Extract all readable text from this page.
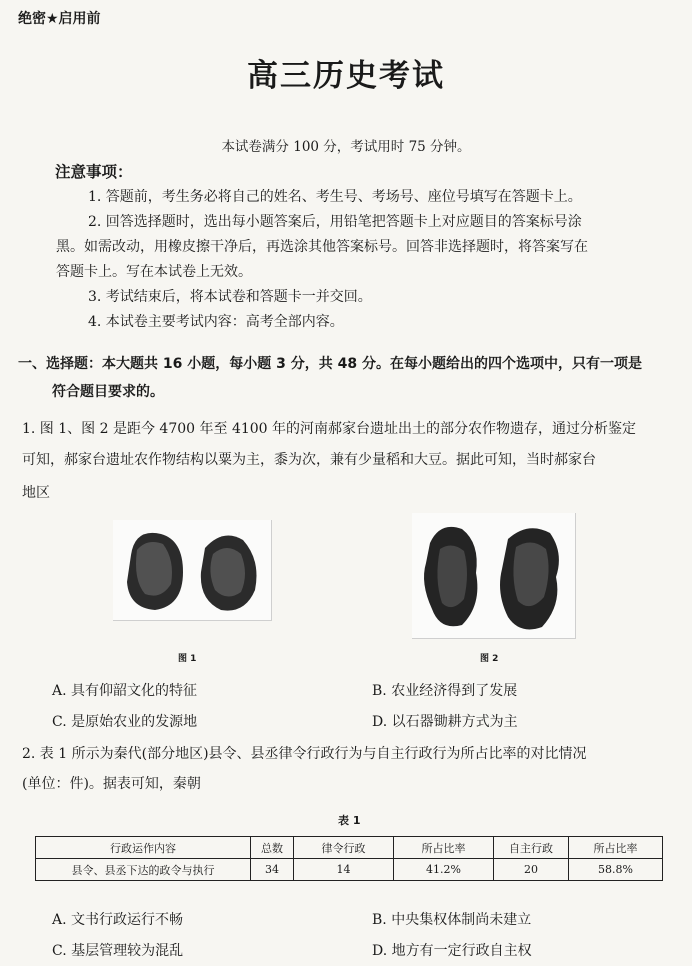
绝密★启用前
高三历史考试
本试卷满分 100 分，考试用时 75 分钟。
注意事项：
1. 答题前，考生务必将自己的姓名、考生号、考场号、座位号填写在答题卡上。
2. 回答选择题时，选出每小题答案后，用铅笔把答题卡上对应题目的答案标号涂
黑。如需改动，用橡皮擦干净后，再选涂其他答案标号。回答非选择题时，将答案写在
答题卡上。写在本试卷上无效。
3. 考试结束后，将本试卷和答题卡一并交回。
4. 本试卷主要考试内容：高考全部内容。
一、选择题：本大题共 16 小题，每小题 3 分，共 48 分。在每小题给出的四个选项中，只有一项是
符合题目要求的。
1. 图 1、图 2 是距今 4700 年至 4100 年的河南郝家台遗址出土的部分农作物遗存，通过分析鉴定
可知，郝家台遗址农作物结构以粟为主，黍为次，兼有少量稻和大豆。据此可知，当时郝家台
地区
图 1	图 2
A. 具有仰韶文化的特征	B. 农业经济得到了发展
C. 是原始农业的发源地	D. 以石器锄耕方式为主
2. 表 1 所示为秦代(部分地区)县令、县丞律令行政行为与自主行政行为所占比率的对比情况
(单位：件)。据表可知，秦朝
表 1
行政运作内容	总数	律令行政	所占比率	自主行政	所占比率
县令、县丞下达的政令与执行	34	14	41.2%	20	58.8%
A. 文书行政运行不畅	B. 中央集权体制尚未建立
C. 基层管理较为混乱	D. 地方有一定行政自主权
